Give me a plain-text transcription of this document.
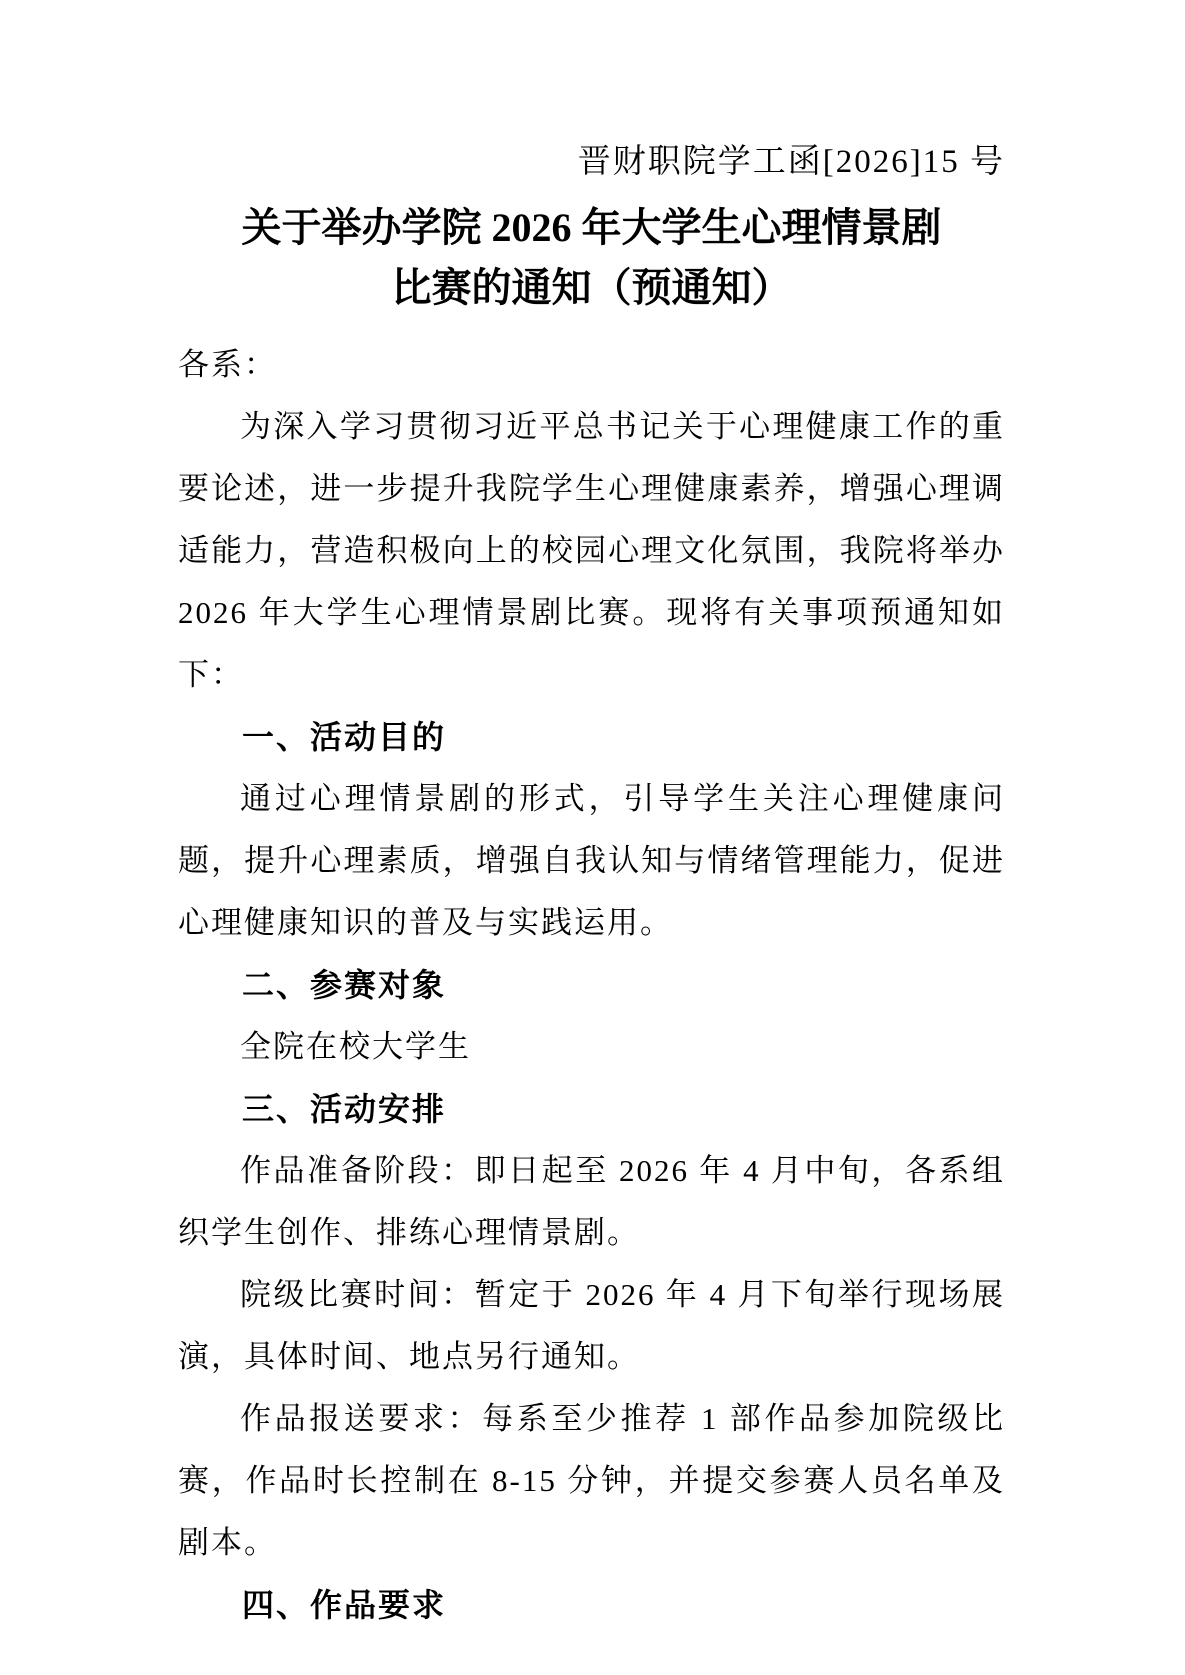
晋财职院学工函[2026]15 号
关于举办学院 2026 年大学生心理情景剧
比赛的通知（预通知）
各系：
为深入学习贯彻习近平总书记关于心理健康工作的重要论述，进一步提升我院学生心理健康素养，增强心理调适能力，营造积极向上的校园心理文化氛围，我院将举办 2026 年大学生心理情景剧比赛。现将有关事项预通知如下：
一、活动目的
通过心理情景剧的形式，引导学生关注心理健康问题，提升心理素质，增强自我认知与情绪管理能力，促进心理健康知识的普及与实践运用。
二、参赛对象
全院在校大学生
三、活动安排
作品准备阶段：即日起至 2026 年 4 月中旬，各系组织学生创作、排练心理情景剧。
院级比赛时间：暂定于 2026 年 4 月下旬举行现场展演，具体时间、地点另行通知。
作品报送要求：每系至少推荐 1 部作品参加院级比赛，作品时长控制在 8-15 分钟，并提交参赛人员名单及剧本。
四、作品要求
